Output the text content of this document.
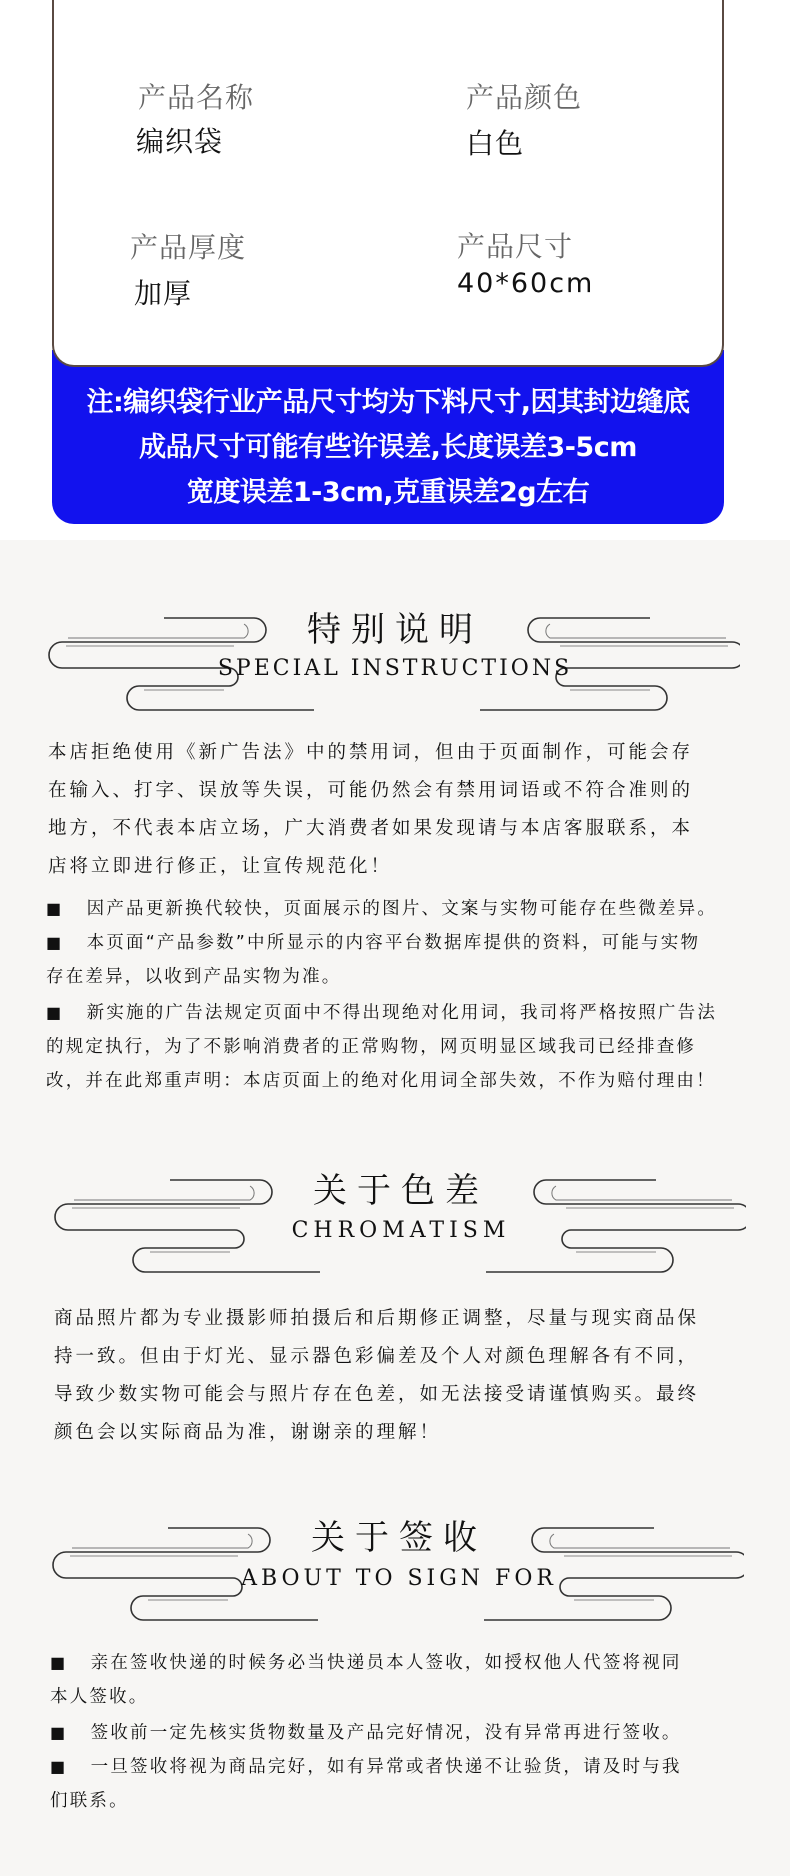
注:编织袋行业产品尺寸均为下料尺寸,因其封边缝底

成品尺寸可能有些许误差,长度误差3-5cm

宽度误差1-3cm,克重误差2g左右

产品名称
编织袋
产品颜色
白色
产品厚度
加厚
产品尺寸
40*60cm
特别说明
SPECIAL INSTRUCTIONS
本店拒绝使用《新广告法》中的禁用词，但由于页面制作，可能会存
在输入、打字、误放等失误，可能仍然会有禁用词语或不符合准则的
地方，不代表本店立场，广大消费者如果发现请与本店客服联系，本
店将立即进行修正，让宣传规范化！
■ 因产品更新换代较快，页面展示的图片、文案与实物可能存在些微差异。
■ 本页面“产品参数”中所显示的内容平台数据库提供的资料，可能与实物
存在差异，以收到产品实物为准。
■ 新实施的广告法规定页面中不得出现绝对化用词，我司将严格按照广告法
的规定执行，为了不影响消费者的正常购物，网页明显区域我司已经排查修
改，并在此郑重声明：本店页面上的绝对化用词全部失效，不作为赔付理由！
关于色差
CHROMATISM
商品照片都为专业摄影师拍摄后和后期修正调整，尽量与现实商品保
持一致。但由于灯光、显示器色彩偏差及个人对颜色理解各有不同，
导致少数实物可能会与照片存在色差，如无法接受请谨慎购买。最终
颜色会以实际商品为准，谢谢亲的理解！
关于签收
ABOUT TO SIGN FOR
■ 亲在签收快递的时候务必当快递员本人签收，如授权他人代签将视同
本人签收。
■ 签收前一定先核实货物数量及产品完好情况，没有异常再进行签收。
■ 一旦签收将视为商品完好，如有异常或者快递不让验货，请及时与我
们联系。
